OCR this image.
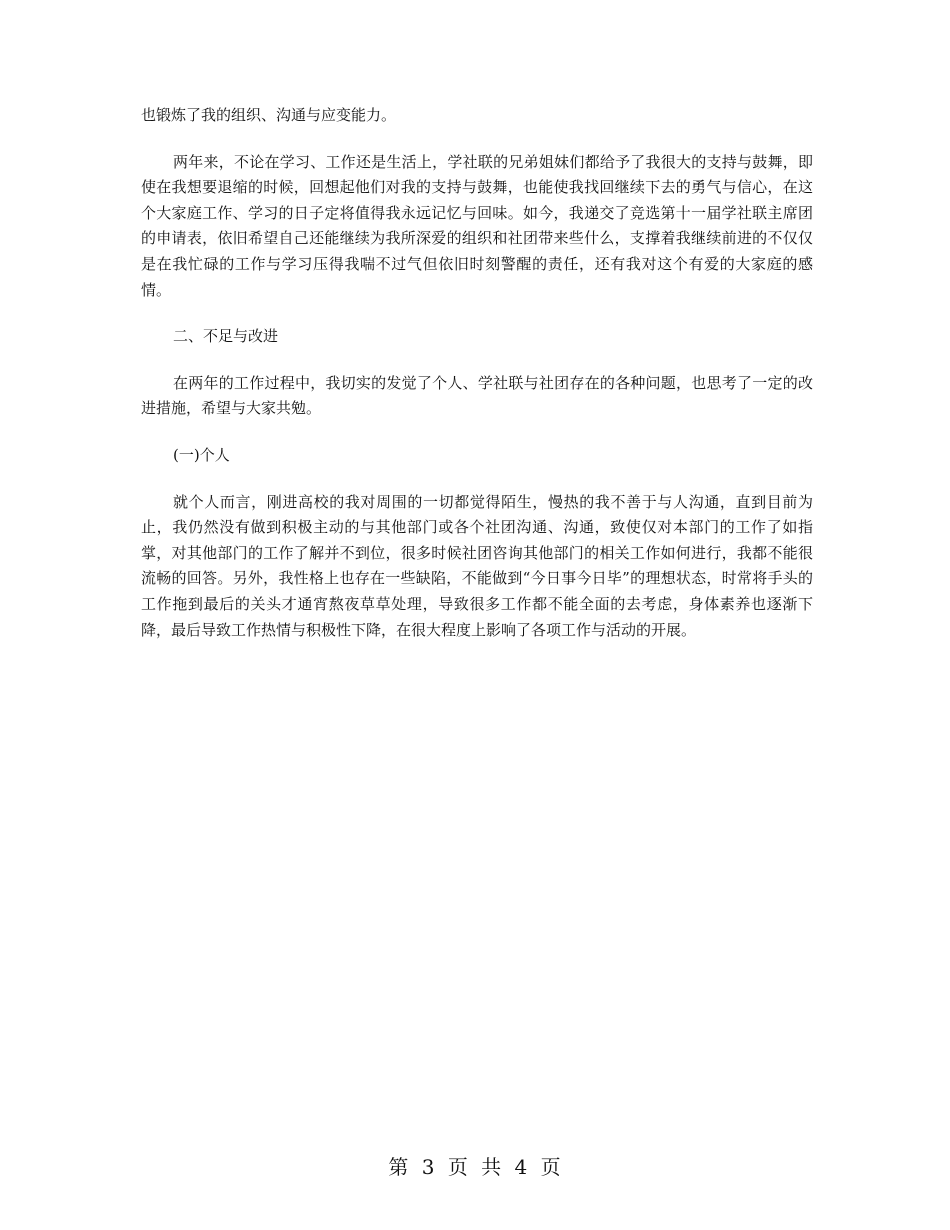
也锻炼了我的组织、沟通与应变能力。

两年来，不论在学习、工作还是生活上，学社联的兄弟姐妹们都给予了我很大的支持与鼓舞，即使在我想要退缩的时候，回想起他们对我的支持与鼓舞，也能使我找回继续下去的勇气与信心，在这个大家庭工作、学习的日子定将值得我永远记忆与回味。如今，我递交了竞选第十一届学社联主席团的申请表，依旧希望自己还能继续为我所深爱的组织和社团带来些什么，支撑着我继续前进的不仅仅是在我忙碌的工作与学习压得我喘不过气但依旧时刻警醒的责任，还有我对这个有爱的大家庭的感情。

二、不足与改进

在两年的工作过程中，我切实的发觉了个人、学社联与社团存在的各种问题，也思考了一定的改进措施，希望与大家共勉。

(一)个人

就个人而言，刚进高校的我对周围的一切都觉得陌生，慢热的我不善于与人沟通，直到目前为止，我仍然没有做到积极主动的与其他部门或各个社团沟通、沟通，致使仅对本部门的工作了如指掌，对其他部门的工作了解并不到位，很多时候社团咨询其他部门的相关工作如何进行，我都不能很流畅的回答。另外，我性格上也存在一些缺陷，不能做到“今日事今日毕”的理想状态，时常将手头的工作拖到最后的关头才通宵熬夜草草处理，导致很多工作都不能全面的去考虑，身体素养也逐渐下降，最后导致工作热情与积极性下降，在很大程度上影响了各项工作与活动的开展。

第 3 页 共 4 页
